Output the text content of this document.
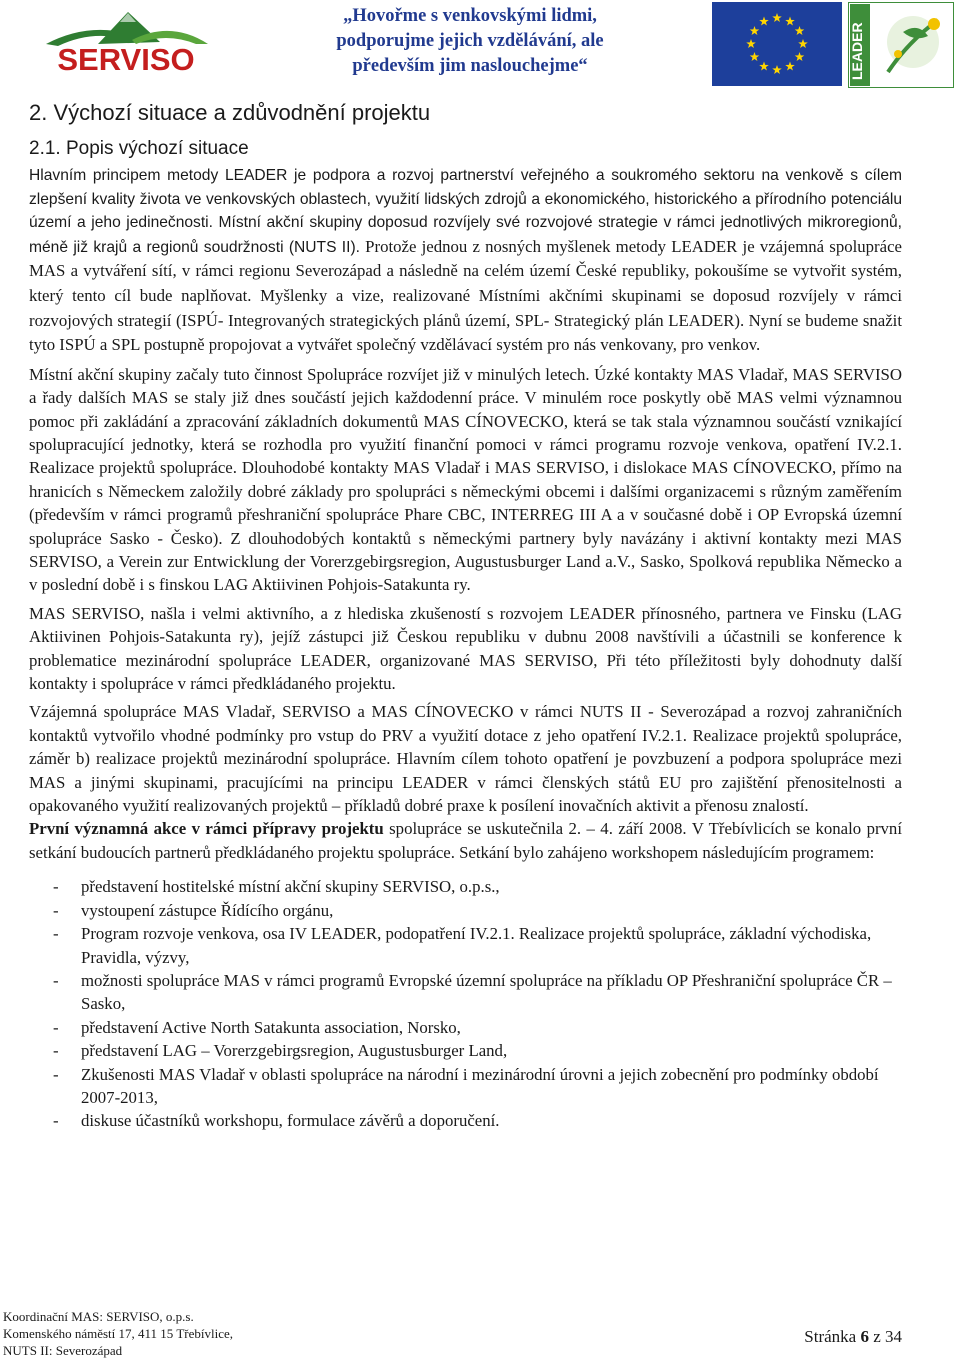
SERVISO
„Hovořme s venkovskými lidmi,
podporujme jejich vzdělávání, ale
především jim naslouchejme“	LEADER
2. Výchozí situace a zdůvodnění projektu
2.1. Popis výchozí situace

Hlavním principem metody LEADER je podpora a rozvoj partnerství veřejného a soukromého sektoru na venkově s cílem zlepšení kvality života ve venkovských oblastech, využití lidských zdrojů a ekonomického, historického a přírodního potenciálu území a jeho jedinečnosti. Místní akční skupiny doposud rozvíjely své rozvojové strategie v rámci jednotlivých mikroregionů, méně již krajů a regionů soudržnosti (NUTS II). Protože jednou z nosných myšlenek metody LEADER je vzájemná spolupráce MAS a vytváření sítí, v rámci regionu Severozápad a následně na celém území České republiky, pokoušíme se vytvořit systém, který tento cíl bude naplňovat. Myšlenky a vize, realizované Místními akčními skupinami se doposud rozvíjely v rámci rozvojových strategií (ISPÚ- Integrovaných strategických plánů území, SPL- Strategický plán LEADER). Nyní se budeme snažit tyto ISPÚ a SPL postupně propojovat a vytvářet společný vzdělávací systém pro nás venkovany, pro venkov.

Místní akční skupiny začaly tuto činnost Spolupráce rozvíjet již v minulých letech. Úzké kontakty MAS Vladař, MAS SERVISO a řady dalších MAS se staly již dnes součástí jejich každodenní práce. V minulém roce poskytly obě MAS velmi významnou pomoc při zakládání a zpracování základních dokumentů MAS CÍNOVECKO, která se tak stala významnou součástí vznikající spolupracující jednotky, která se rozhodla pro využití finanční pomoci v rámci programu rozvoje venkova, opatření IV.2.1. Realizace projektů spolupráce. Dlouhodobé kontakty MAS Vladař i MAS SERVISO, i dislokace MAS CÍNOVECKO, přímo na hranicích s Německem založily dobré základy pro spolupráci s německými obcemi i dalšími organizacemi s různým zaměřením (především v rámci programů přeshraniční spolupráce Phare CBC, INTERREG III A a v současné době i OP Evropská územní spolupráce Sasko - Česko). Z dlouhodobých kontaktů s německými partnery byly navázány i aktivní kontakty mezi MAS SERVISO, a Verein zur Entwicklung der Vorerzgebirgsregion, Augustusburger Land a.V., Sasko, Spolková republika Německo a v poslední době i s finskou LAG Aktiivinen Pohjois-Satakunta ry.

MAS SERVISO, našla i velmi aktivního, a z hlediska zkušeností s rozvojem LEADER přínosného, partnera ve Finsku (LAG Aktiivinen Pohjois-Satakunta ry), jejíž zástupci již Českou republiku v dubnu 2008 navštívili a účastnili se konference k problematice mezinárodní spolupráce LEADER, organizované MAS SERVISO, Při této příležitosti byly dohodnuty další kontakty i spolupráce v rámci předkládaného projektu.

Vzájemná spolupráce MAS Vladař, SERVISO a MAS CÍNOVECKO v rámci NUTS II - Severozápad a rozvoj zahraničních kontaktů vytvořilo vhodné podmínky pro vstup do PRV a využití dotace z jeho opatření IV.2.1. Realizace projektů spolupráce, záměr b) realizace projektů mezinárodní spolupráce. Hlavním cílem tohoto opatření je povzbuzení a podpora spolupráce mezi MAS a jinými skupinami, pracujícími na principu LEADER v rámci členských států EU pro zajištění přenositelnosti a opakovaného využití realizovaných projektů – příkladů dobré praxe k posílení inovačních aktivit a přenosu znalostí.

První významná akce v rámci přípravy projektu spolupráce se uskutečnila 2. – 4. září 2008. V Třebívlicích se konalo první setkání budoucích partnerů předkládaného projektu spolupráce. Setkání bylo zahájeno workshopem následujícím programem:

- představení hostitelské místní akční skupiny SERVISO, o.p.s.,
- vystoupení zástupce Řídícího orgánu,
- Program rozvoje venkova, osa IV LEADER, podopatření IV.2.1. Realizace projektů spolupráce, základní východiska, Pravidla, výzvy,
- možnosti spolupráce MAS v rámci programů Evropské územní spolupráce na příkladu OP Přeshraniční spolupráce ČR – Sasko,
- představení Active North Satakunta association, Norsko,
- představení LAG – Vorerzgebirgsregion, Augustusburger Land,
- Zkušenosti MAS Vladař v oblasti spolupráce na národní i mezinárodní úrovni a jejich zobecnění pro podmínky období 2007-2013,
- diskuse účastníků workshopu, formulace závěrů a doporučení.
Koordinační MAS: SERVISO, o.p.s.
Komenského náměstí 17, 411 15 Třebívlice,
NUTS II: Severozápad
Stránka 6 z 34
